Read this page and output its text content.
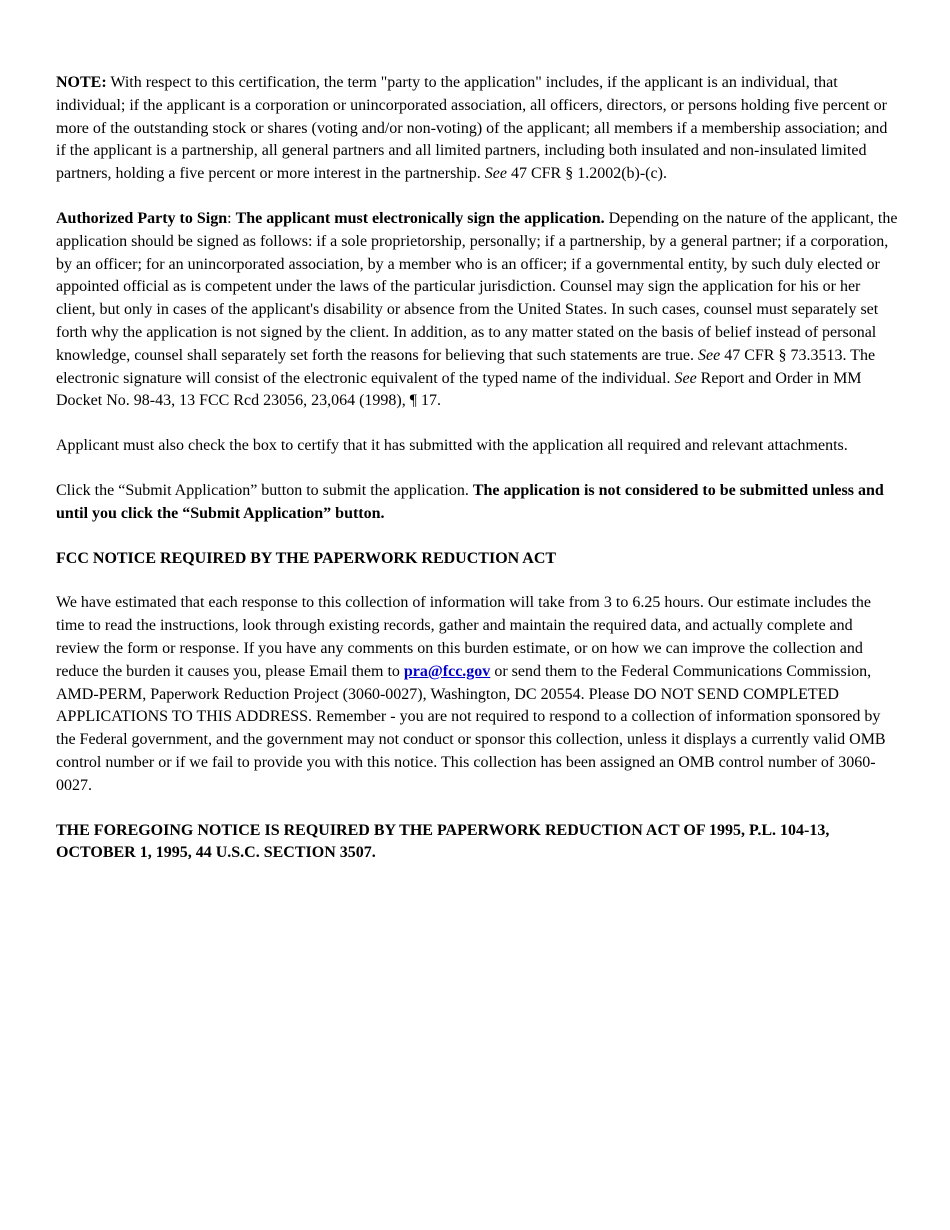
NOTE: With respect to this certification, the term "party to the application" includes, if the applicant is an individual, that individual; if the applicant is a corporation or unincorporated association, all officers, directors, or persons holding five percent or more of the outstanding stock or shares (voting and/or non-voting) of the applicant; all members if a membership association; and if the applicant is a partnership, all general partners and all limited partners, including both insulated and non-insulated limited partners, holding a five percent or more interest in the partnership. See 47 CFR § 1.2002(b)-(c).

Authorized Party to Sign: The applicant must electronically sign the application. Depending on the nature of the applicant, the application should be signed as follows: if a sole proprietorship, personally; if a partnership, by a general partner; if a corporation, by an officer; for an unincorporated association, by a member who is an officer; if a governmental entity, by such duly elected or appointed official as is competent under the laws of the particular jurisdiction. Counsel may sign the application for his or her client, but only in cases of the applicant's disability or absence from the United States. In such cases, counsel must separately set forth why the application is not signed by the client. In addition, as to any matter stated on the basis of belief instead of personal knowledge, counsel shall separately set forth the reasons for believing that such statements are true. See 47 CFR § 73.3513. The electronic signature will consist of the electronic equivalent of the typed name of the individual. See Report and Order in MM Docket No. 98-43, 13 FCC Rcd 23056, 23,064 (1998), ¶ 17.

Applicant must also check the box to certify that it has submitted with the application all required and relevant attachments.

Click the “Submit Application” button to submit the application. The application is not considered to be submitted unless and until you click the “Submit Application” button.

FCC NOTICE REQUIRED BY THE PAPERWORK REDUCTION ACT

We have estimated that each response to this collection of information will take from 3 to 6.25 hours. Our estimate includes the time to read the instructions, look through existing records, gather and maintain the required data, and actually complete and review the form or response. If you have any comments on this burden estimate, or on how we can improve the collection and reduce the burden it causes you, please Email them to pra@fcc.gov or send them to the Federal Communications Commission, AMD-PERM, Paperwork Reduction Project (3060-0027), Washington, DC 20554. Please DO NOT SEND COMPLETED APPLICATIONS TO THIS ADDRESS. Remember - you are not required to respond to a collection of information sponsored by the Federal government, and the government may not conduct or sponsor this collection, unless it displays a currently valid OMB control number or if we fail to provide you with this notice. This collection has been assigned an OMB control number of 3060-0027.

THE FOREGOING NOTICE IS REQUIRED BY THE PAPERWORK REDUCTION ACT OF 1995, P.L. 104-13, OCTOBER 1, 1995, 44 U.S.C. SECTION 3507.
